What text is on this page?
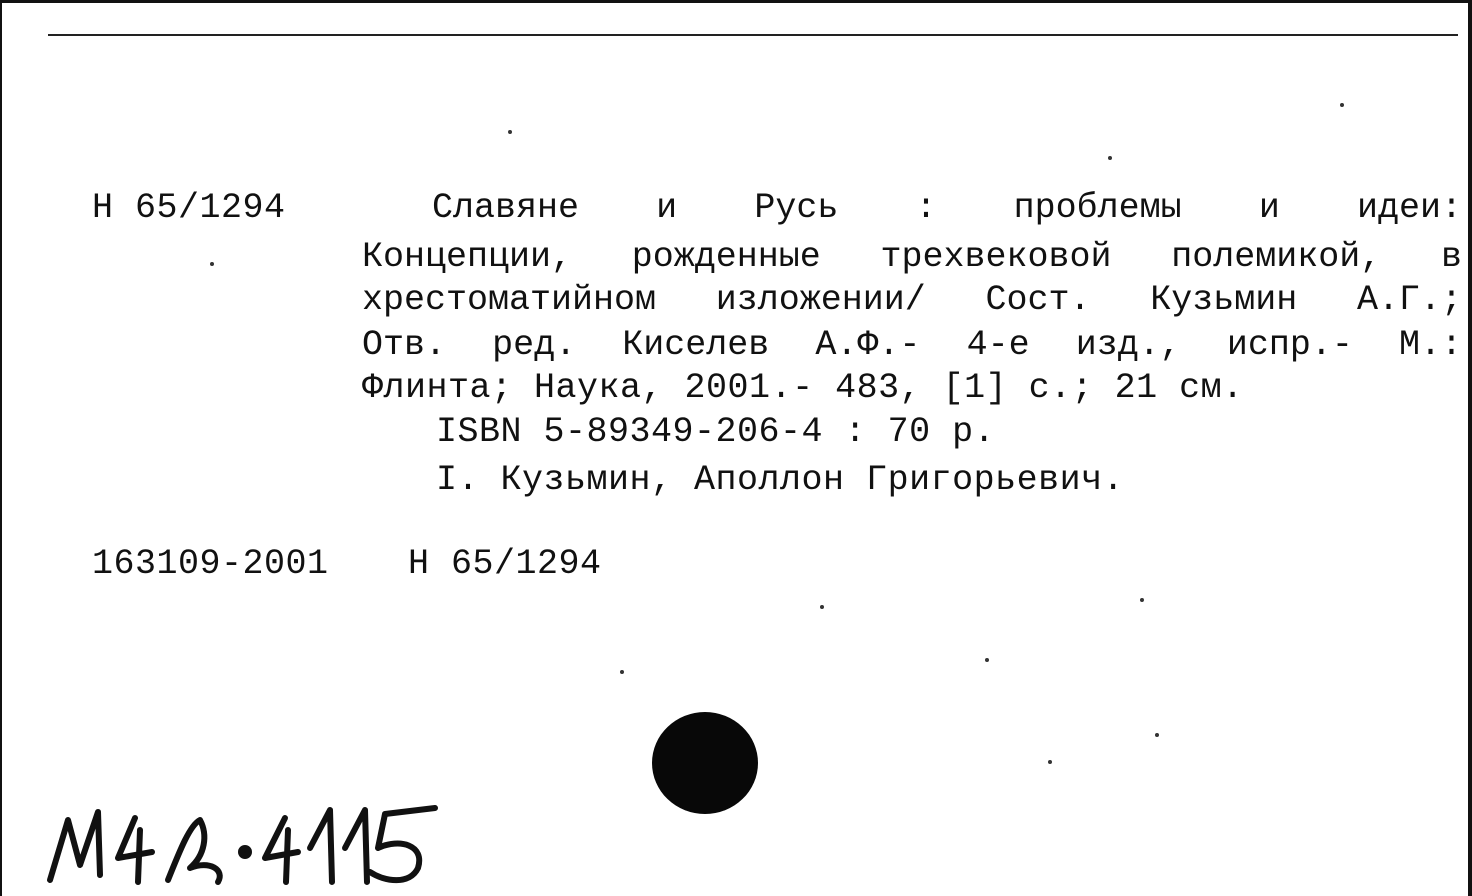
Н 65/1294	Славяне и Русь : проблемы и идеи:
Концепции, рожденные трехвековой полемикой, в
хрестоматийном изложении/ Сост. Кузьмин А.Г.;
Отв. ред. Киселев А.Ф.- 4-е изд., испр.- М.:
Флинта; Наука, 2001.- 483, [1] с.; 21 см.
ISBN 5-89349-206-4 : 70 р.
I. Кузьмин, Аполлон Григорьевич.
163109-2001 Н 65/1294
